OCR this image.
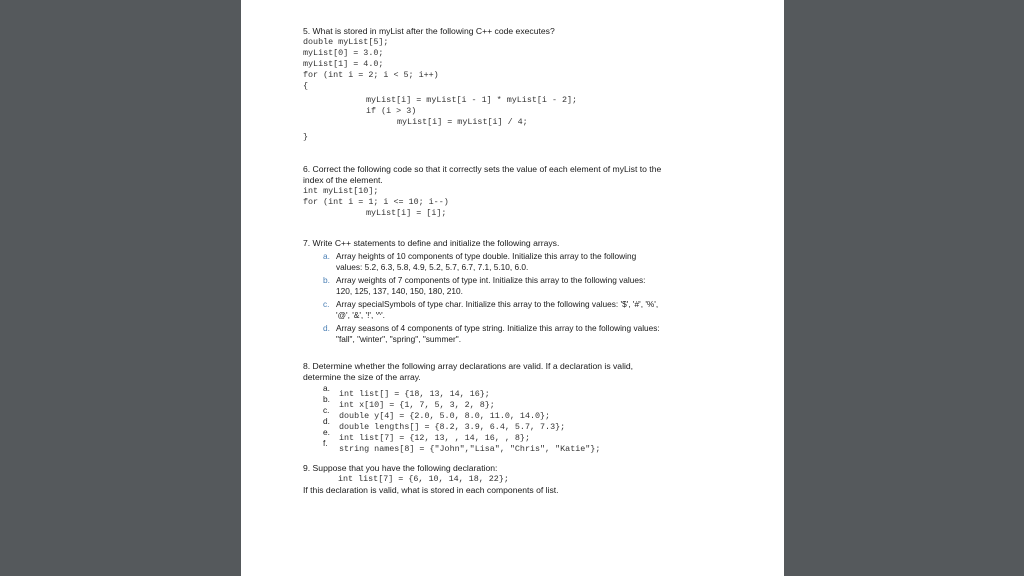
5. What is stored in myList after the following C++ code executes?

double myList[5];

myList[0] = 3.0;

myList[1] = 4.0;

for (int i = 2; i < 5; i++)

{

myList[i] = myList[i - 1] * myList[i - 2];

if (i > 3)

myList[i] = myList[i] / 4;

}

6. Correct the following code so that it correctly sets the value of each element of myList to the

index of the element.

int myList[10];

for (int i = 1; i <= 10; i--)

myList[i] = [i];

7. Write C++ statements to define and initialize the following arrays.

a. Array heights of 10 components of type double. Initialize this array to the following
values: 5.2, 6.3, 5.8, 4.9, 5.2, 5.7, 6.7, 7.1, 5.10, 6.0.
b. Array weights of 7 components of type int. Initialize this array to the following values:
120, 125, 137, 140, 150, 180, 210.
c. Array specialSymbols of type char. Initialize this array to the following values: '$', '#', '%',
'@', '&', '!', '^'.
d. Array seasons of 4 components of type string. Initialize this array to the following values:
"fall", "winter", "spring", "summer".

8. Determine whether the following array declarations are valid. If a declaration is valid,

determine the size of the array.

a.
int list[] = {18, 13, 14, 16};
b.
int x[10] = {1, 7, 5, 3, 2, 8};
c.
double y[4] = {2.0, 5.0, 8.0, 11.0, 14.0};
d.
double lengths[] = {8.2, 3.9, 6.4, 5.7, 7.3};
e.
int list[7] = {12, 13, , 14, 16, , 8};
f.
string names[8] = {"John","Lisa", "Chris", "Katie"};

9. Suppose that you have the following declaration:

int list[7] = {6, 10, 14, 18, 22};

If this declaration is valid, what is stored in each components of list.
